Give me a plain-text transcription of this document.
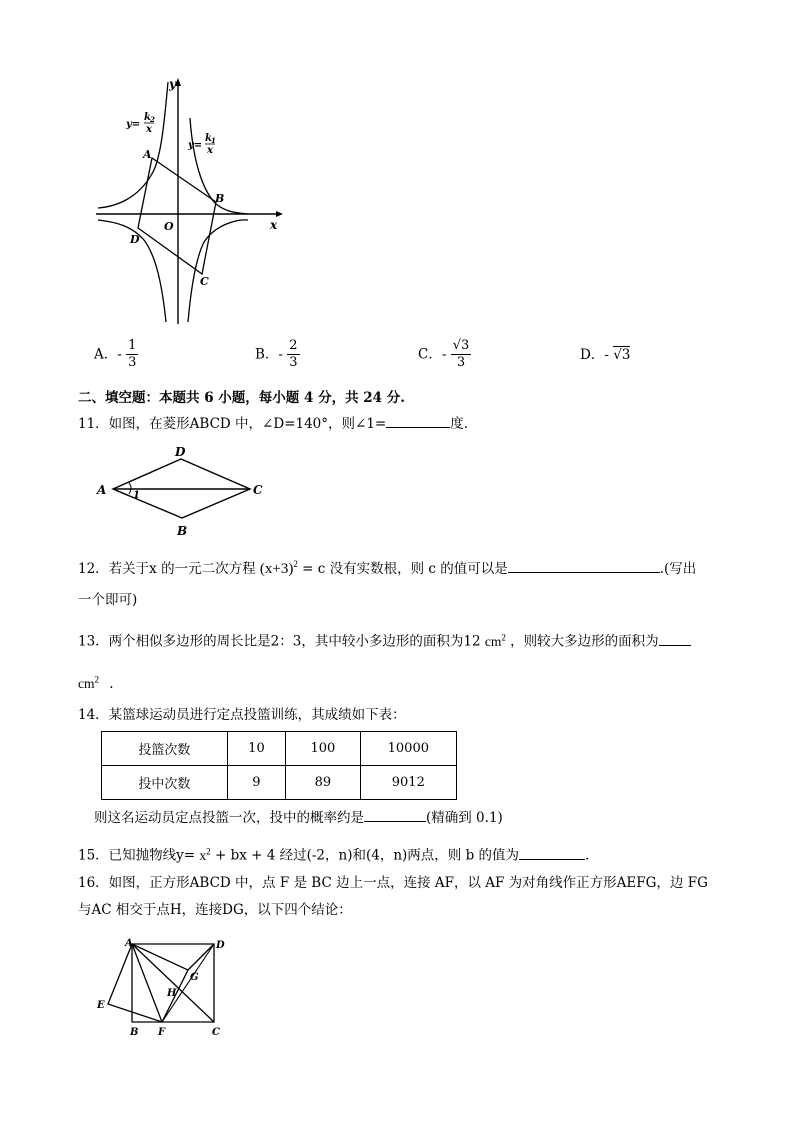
y
x
O
A
B
C
D
y=
k 2
x
y=
k 1
x
A．- $\frac{1}{3}$	B．- $\frac{2}{3}$	C．- $\frac{√3}{3}$	D．- √3
二、填空题：本题共 6 小题，每小题 4 分，共 24 分.
11．如图，在菱形ABCD 中，∠D=140°，则∠1=	度.
A
D
C
B
1
12．若关于x 的一元二次方程 $(x+3)^2 = c$ 没有实数根，则 c 的值可以是	.(写出
一个即可)
13．两个相似多边形的周长比是2：3，其中较小多边形的面积为12 $cm^2$ ，则较大多边形的面积为
$cm^2$ .
14．某篮球运动员进行定点投篮训练，其成绩如下表：
投篮次数	10	100	10000
投中次数	9	89	9012
则这名运动员定点投篮一次，投中的概率约是	(精确到 0.1)
15．已知抛物线$y= x^2$ + bx + 4 经过(-2，n)和(4，n)两点，则 b 的值为	.
16．如图，正方形ABCD 中，点 F 是 BC 边上一点，连接 AF，以 AF 为对角线作正方形AEFG，边 FG
与AC 相交于点H，连接DG，以下四个结论：
A	D
E
G
H
B F	C
